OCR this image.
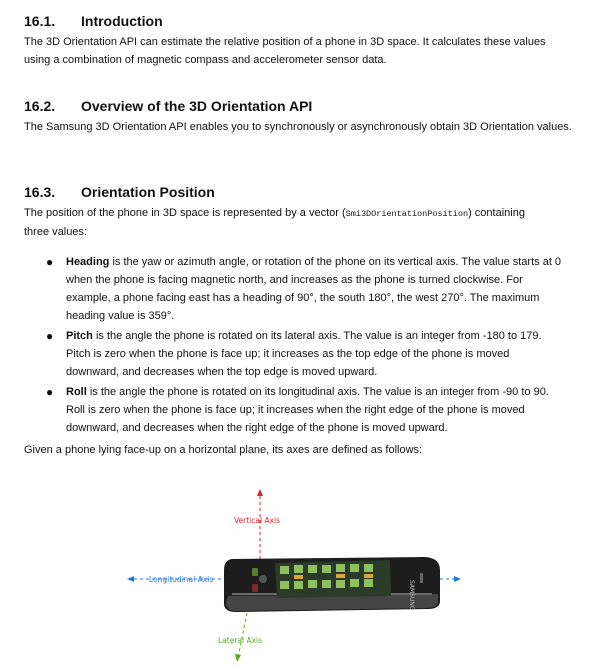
16.1. Introduction
The 3D Orientation API can estimate the relative position of a phone in 3D space. It calculates these values using a combination of magnetic compass and accelerometer sensor data.
16.2. Overview of the 3D Orientation API
The Samsung 3D Orientation API enables you to synchronously or asynchronously obtain 3D Orientation values.
16.3. Orientation Position
The position of the phone in 3D space is represented by a vector (Smi3DOrientationPosition) containing three values:
● Heading is the yaw or azimuth angle, or rotation of the phone on its vertical axis. The value starts at 0 when the phone is facing magnetic north, and increases as the phone is turned clockwise. For example, a phone facing east has a heading of 90°, the south 180°, the west 270°. The maximum heading value is 359°.
● Pitch is the angle the phone is rotated on its lateral axis. The value is an integer from -180 to 179. Pitch is zero when the phone is face up; it increases as the top edge of the phone is moved downward, and decreases when the top edge is moved upward.
● Roll is the angle the phone is rotated on its longitudinal axis. The value is an integer from -90 to 90. Roll is zero when the phone is face up; it increases when the right edge of the phone is moved downward, and decreases when the right edge of the phone is moved upward.
Given a phone lying face-up on a horizontal plane, its axes are defined as follows:
Vertical Axis
SAMSUNG
Longitudinal Axis
Lateral Axis
